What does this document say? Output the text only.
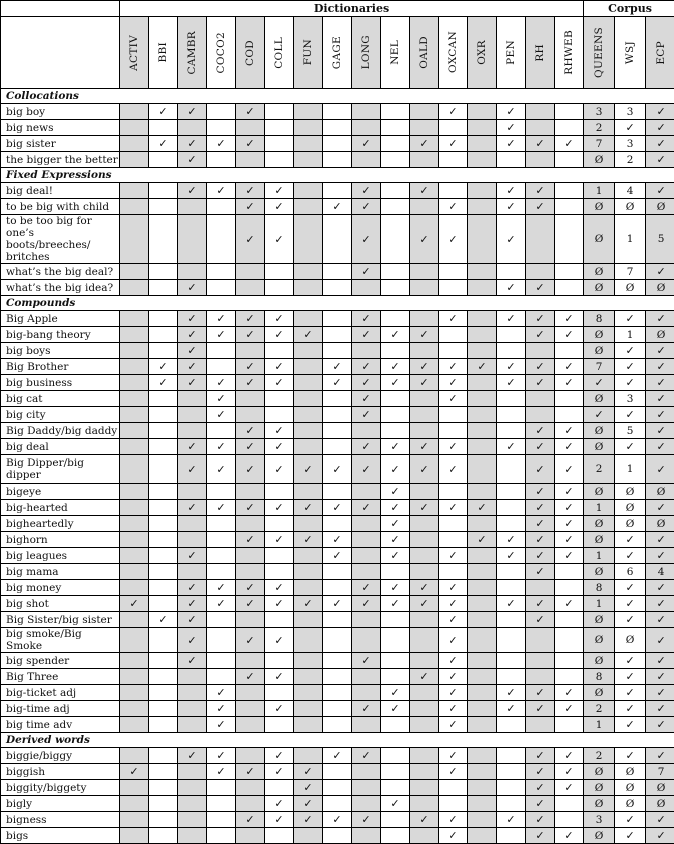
	Dictionaries																Corpus		

	ACTIV	BBI	CAMBR	COCO2	COD	COLL	FUN	GAGE	LONG	NEL	OALD	OXCAN	OXR	PEN	RH	RHWEB	QUEENS	WSJ	ECP

Collocations																			
big boy		✓	✓		✓							✓		✓			3	3	✓
big news														✓			2	✓	✓
big sister		✓	✓	✓	✓				✓		✓	✓		✓	✓	✓	7	3	✓
the bigger the better			✓														Ø	2	✓
Fixed Expressions																			
big deal!			✓	✓	✓	✓			✓		✓			✓	✓		1	4	✓
to be big with child					✓	✓		✓	✓			✓		✓	✓		Ø	Ø	Ø
to be too big for one’s boots/breeches/ britches					✓	✓			✓		✓	✓		✓			Ø	1	5
what’s the big deal?									✓								Ø	7	✓
what’s the big idea?			✓											✓	✓		Ø	Ø	Ø
Compounds																			
Big Apple			✓	✓	✓	✓			✓			✓		✓	✓	✓	8	✓	✓
big-bang theory			✓	✓	✓	✓	✓		✓	✓	✓				✓	✓	Ø	1	Ø
big boys			✓														Ø	✓	✓
Big Brother		✓	✓		✓	✓		✓	✓	✓	✓	✓	✓	✓	✓	✓	7	✓	✓
big business		✓	✓	✓	✓	✓		✓	✓	✓	✓	✓		✓	✓	✓	✓	✓	✓
big cat				✓					✓			✓					Ø	3	✓
big city				✓					✓								✓	✓	✓
Big Daddy/big daddy					✓	✓									✓	✓	Ø	5	✓
big deal			✓	✓	✓	✓			✓	✓	✓	✓		✓	✓	✓	Ø	✓	✓
Big Dipper/big dipper			✓	✓	✓	✓	✓	✓	✓	✓	✓	✓			✓	✓	2	1	✓
bigeye										✓					✓	✓	Ø	Ø	Ø
big-hearted			✓	✓	✓	✓	✓	✓	✓	✓	✓	✓	✓		✓	✓	1	Ø	✓
bigheartedly										✓					✓	✓	Ø	Ø	Ø
bighorn					✓	✓	✓	✓		✓			✓	✓	✓	✓	Ø	✓	✓
big leagues			✓					✓		✓		✓		✓	✓	✓	1	✓	✓
big mama															✓		Ø	6	4
big money			✓	✓	✓	✓			✓	✓	✓	✓					8	✓	✓
big shot	✓		✓	✓	✓	✓	✓	✓	✓	✓	✓	✓		✓	✓	✓	1	✓	✓
Big Sister/big sister		✓	✓									✓			✓		Ø	✓	✓
big smoke/Big Smoke			✓		✓	✓						✓					Ø	Ø	✓
big spender			✓						✓			✓					Ø	✓	✓
Big Three					✓	✓					✓	✓					8	✓	✓
big-ticket adj				✓						✓		✓		✓	✓	✓	Ø	✓	✓
big-time adj				✓		✓			✓	✓		✓		✓	✓	✓	2	✓	✓
big time adv				✓								✓					1	✓	✓
Derived words																			
biggie/biggy			✓	✓		✓		✓	✓			✓			✓	✓	2	✓	✓
biggish	✓			✓	✓	✓	✓					✓			✓	✓	Ø	Ø	7
biggity/biggety							✓								✓	✓	Ø	Ø	Ø
bigly						✓	✓			✓					✓		Ø	Ø	Ø
bigness					✓	✓	✓	✓	✓		✓	✓		✓	✓		3	✓	✓
bigs												✓			✓	✓	Ø	✓	✓
